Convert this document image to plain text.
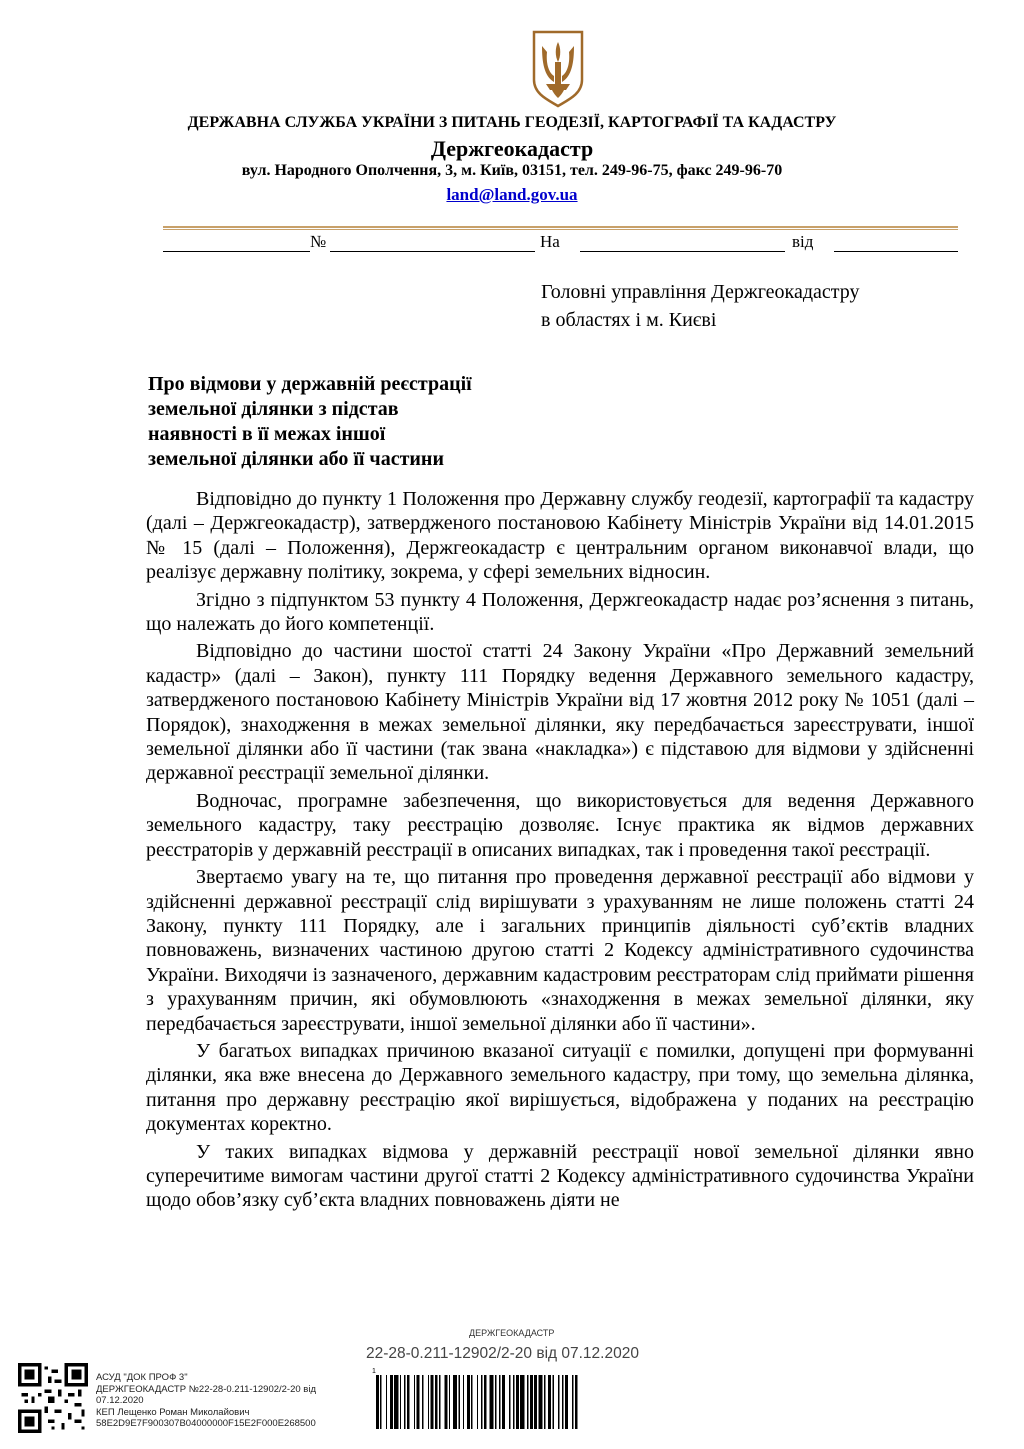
ДЕРЖАВНА СЛУЖБА УКРАЇНИ З ПИТАНЬ ГЕОДЕЗІЇ, КАРТОГРАФІЇ ТА КАДАСТРУ
Держгеокадастр
вул. Народного Ополчення, 3, м. Київ, 03151, тел. 249-96-75, факс 249-96-70
land@land.gov.ua
№	На	від
Головні управління Держгеокадастру
в областях і м. Києві
Про відмови у державній реєстрації
земельної ділянки з підстав
наявності в її межах іншої
земельної ділянки або її частини

Відповідно до пункту 1 Положення про Державну службу геодезії, картографії та кадастру (далі – Держгеокадастр), затвердженого постановою Кабінету Міністрів України від 14.01.2015 № 15 (далі – Положення), Держгеокадастр є центральним органом виконавчої влади, що реалізує державну політику, зокрема, у сфері земельних відносин.

Згідно з підпунктом 53 пункту 4 Положення, Держгеокадастр надає роз’яснення з питань, що належать до його компетенції.

Відповідно до частини шостої статті 24 Закону України «Про Державний земельний кадастр» (далі – Закон), пункту 111 Порядку ведення Державного земельного кадастру, затвердженого постановою Кабінету Міністрів України від 17 жовтня 2012 року № 1051 (далі – Порядок), знаходження в межах земельної ділянки, яку передбачається зареєструвати, іншої земельної ділянки або її частини (так звана «накладка») є підставою для відмови у здійсненні державної реєстрації земельної ділянки.

Водночас, програмне забезпечення, що використовується для ведення Державного земельного кадастру, таку реєстрацію дозволяє. Існує практика як відмов державних реєстраторів у державній реєстрації в описаних випадках, так і проведення такої реєстрації.

Звертаємо увагу на те, що питання про проведення державної реєстрації або відмови у здійсненні державної реєстрації слід вирішувати з урахуванням не лише положень статті 24 Закону, пункту 111 Порядку, але і загальних принципів діяльності суб’єктів владних повноважень, визначених частиною другою статті 2 Кодексу адміністративного судочинства України. Виходячи із зазначеного, державним кадастровим реєстраторам слід приймати рішення з урахуванням причин, які обумовлюють «знаходження в межах земельної ділянки, яку передбачається зареєструвати, іншої земельної ділянки або її частини».

У багатьох випадках причиною вказаної ситуації є помилки, допущені при формуванні ділянки, яка вже внесена до Державного земельного кадастру, при тому, що земельна ділянка, питання про державну реєстрацію якої вирішується, відображена у поданих на реєстрацію документах коректно.

У таких випадках відмова у державній реєстрації нової земельної ділянки явно суперечитиме вимогам частини другої статті 2 Кодексу адміністративного судочинства України щодо обов’язку суб’єкта владних повноважень діяти не

АСУД "ДОК ПРОФ 3"
ДЕРЖГЕОКАДАСТР №22-28-0.211-12902/2-20 від
07.12.2020
КЕП Лещенко Роман Миколайович
58E2D9E7F900307B04000000F15E2F000E268500
ДЕРЖГЕОКАДАСТР
22-28-0.211-12902/2-20 від 07.12.2020
1
